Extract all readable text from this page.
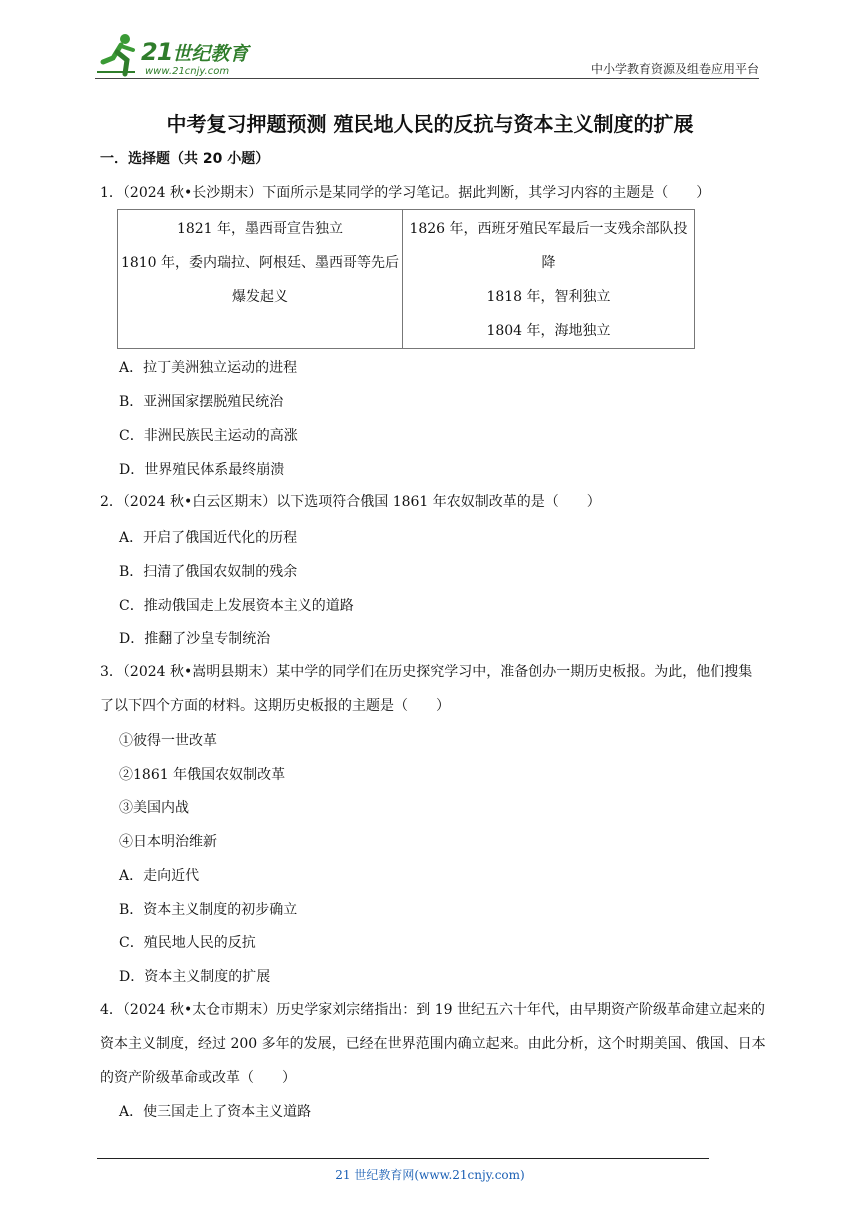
21世纪教育
www.21cnjy.com	中小学教育资源及组卷应用平台
中考复习押题预测 殖民地人民的反抗与资本主义制度的扩展
一．选择题（共 20 小题）
1．（2024 秋•长沙期末）下面所示是某同学的学习笔记。据此判断，其学习内容的主题是（　　）
1821 年，墨西哥宣告独立
1810 年，委内瑞拉、阿根廷、墨西哥等先后爆发起义

1826 年，西班牙殖民军最后一支残余部队投降
1818 年，智利独立
1804 年，海地独立
A．拉丁美洲独立运动的进程
B．亚洲国家摆脱殖民统治
C．非洲民族民主运动的高涨
D．世界殖民体系最终崩溃
2．（2024 秋•白云区期末）以下选项符合俄国 1861 年农奴制改革的是（　　）
A．开启了俄国近代化的历程
B．扫清了俄国农奴制的残余
C．推动俄国走上发展资本主义的道路
D．推翻了沙皇专制统治
3．（2024 秋•嵩明县期末）某中学的同学们在历史探究学习中，准备创办一期历史板报。为此，他们搜集了以下四个方面的材料。这期历史板报的主题是（　　）
①彼得一世改革
②1861 年俄国农奴制改革
③美国内战
④日本明治维新
A．走向近代
B．资本主义制度的初步确立
C．殖民地人民的反抗
D．资本主义制度的扩展
4．（2024 秋•太仓市期末）历史学家刘宗绪指出：到 19 世纪五六十年代，由早期资产阶级革命建立起来的资本主义制度，经过 200 多年的发展，已经在世界范围内确立起来。由此分析，这个时期美国、俄国、日本的资产阶级革命或改革（　　）
A．使三国走上了资本主义道路
21 世纪教育网(www.21cnjy.com)
